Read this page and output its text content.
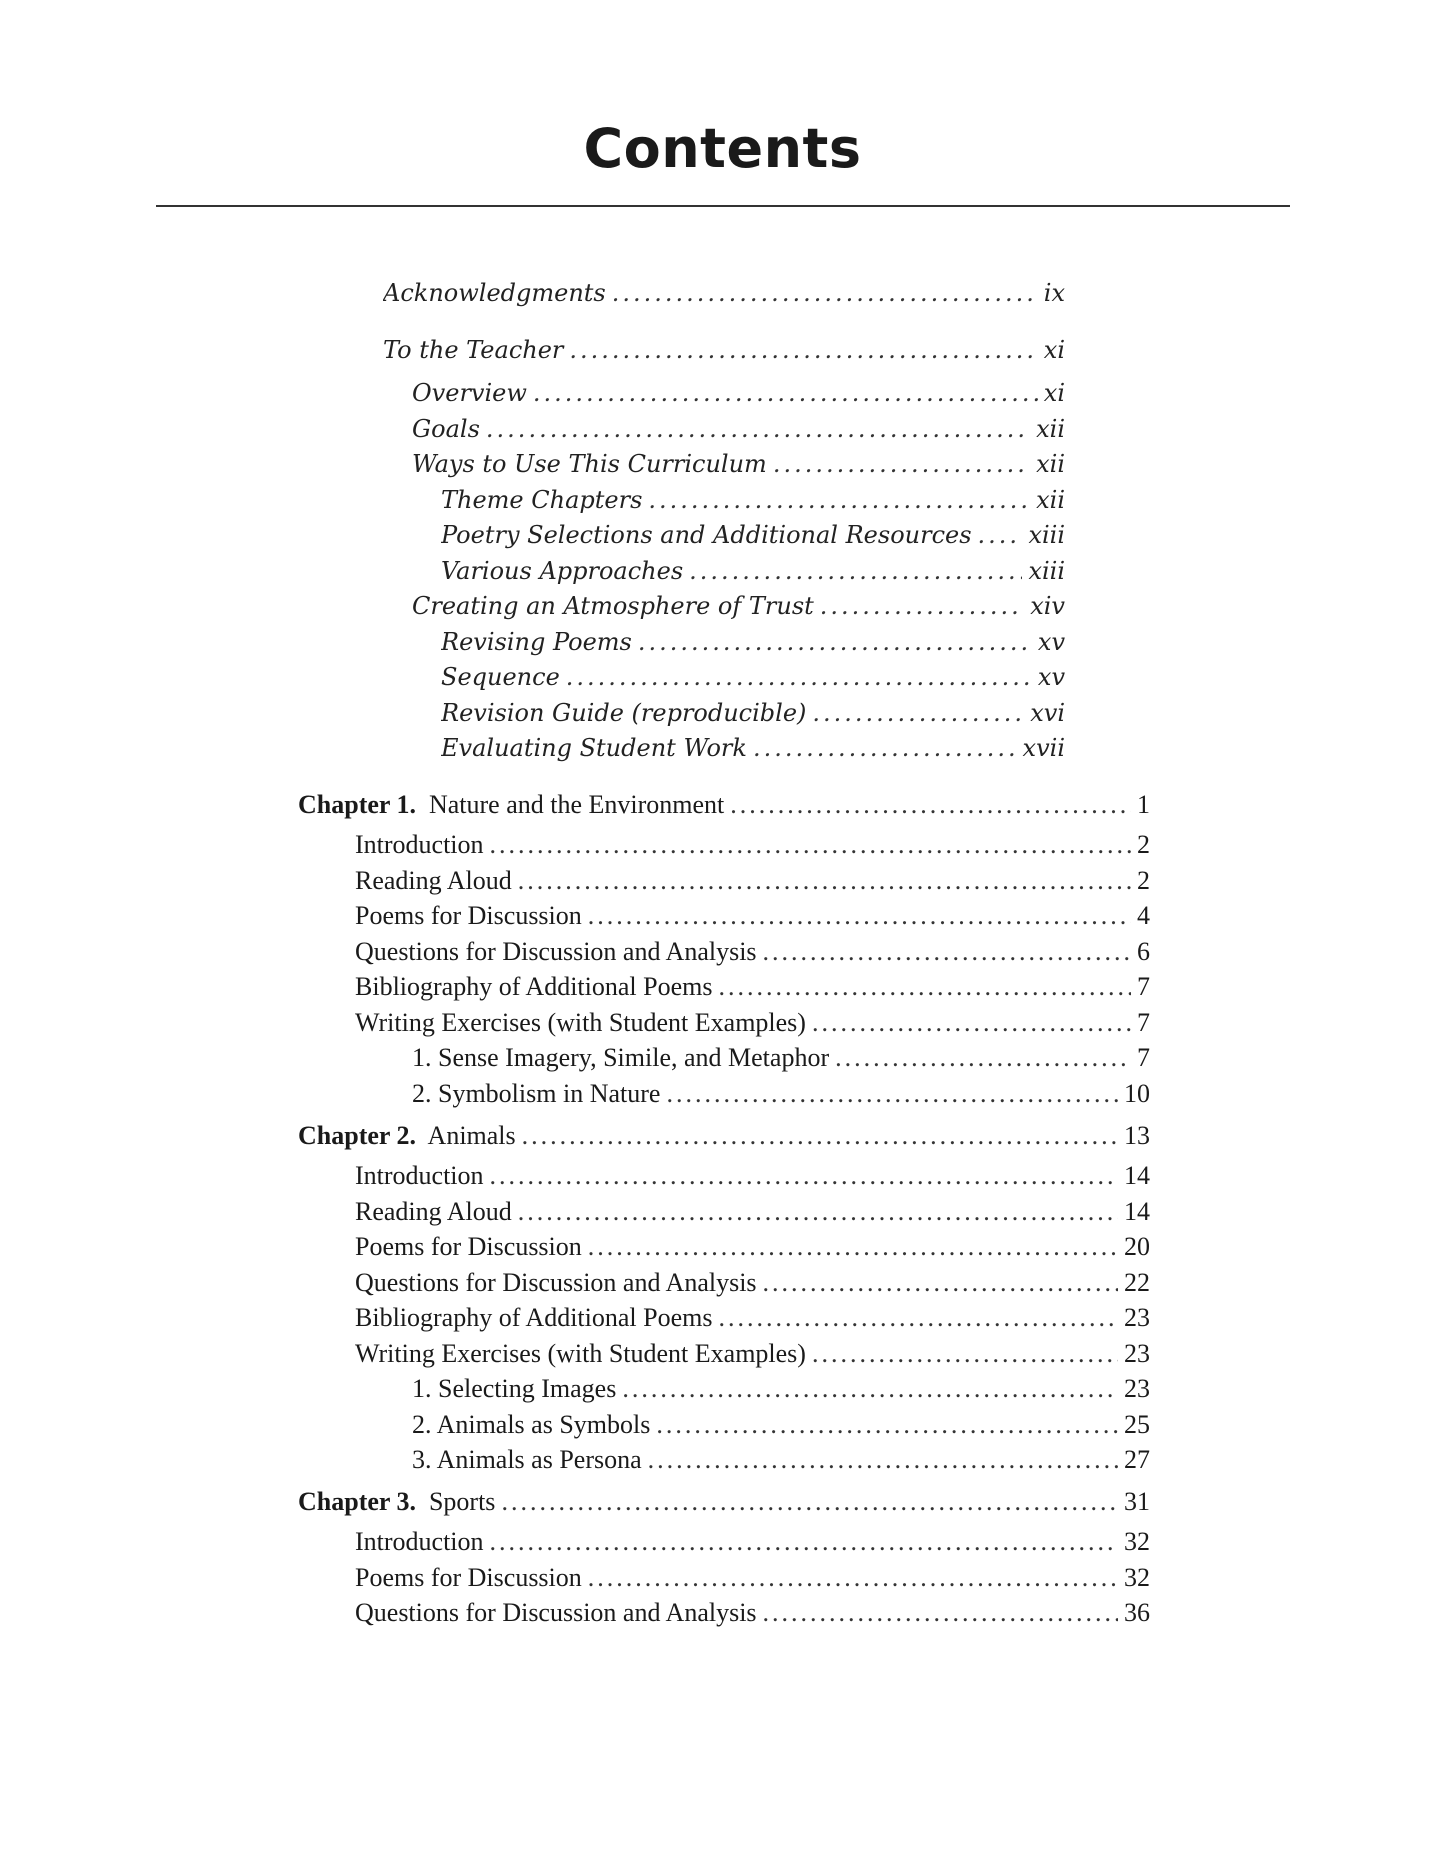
Contents
Acknowledgments .....	ix
To the Teacher .....	xi
Overview .....	xi
Goals .....	xii
Ways to Use This Curriculum .....	xii
Theme Chapters .....	xii
Poetry Selections and Additional Resources ..... xiii
Various Approaches .....	xiii
Creating an Atmosphere of Trust .....	xiv
Revising Poems .....	xv
Sequence .....	xv
Revision Guide (reproducible) .....	xvi
Evaluating Student Work .....	xvii
Chapter 1. Nature and the Environment .....	1
Introduction .....	2
Reading Aloud .....	2
Poems for Discussion .....	4
Questions for Discussion and Analysis .....	6
Bibliography of Additional Poems .....	7
Writing Exercises (with Student Examples) .....	7
1. Sense Imagery, Simile, and Metaphor .....	7
2. Symbolism in Nature .....	10
Chapter 2. Animals .....	13
Introduction .....	14
Reading Aloud .....	14
Poems for Discussion .....	20
Questions for Discussion and Analysis .....	22
Bibliography of Additional Poems .....	23
Writing Exercises (with Student Examples) .....	23
1. Selecting Images .....	23
2. Animals as Symbols .....	25
3. Animals as Persona .....	27
Chapter 3. Sports .....	31
Introduction .....	32
Poems for Discussion .....	32
Questions for Discussion and Analysis .....	36
